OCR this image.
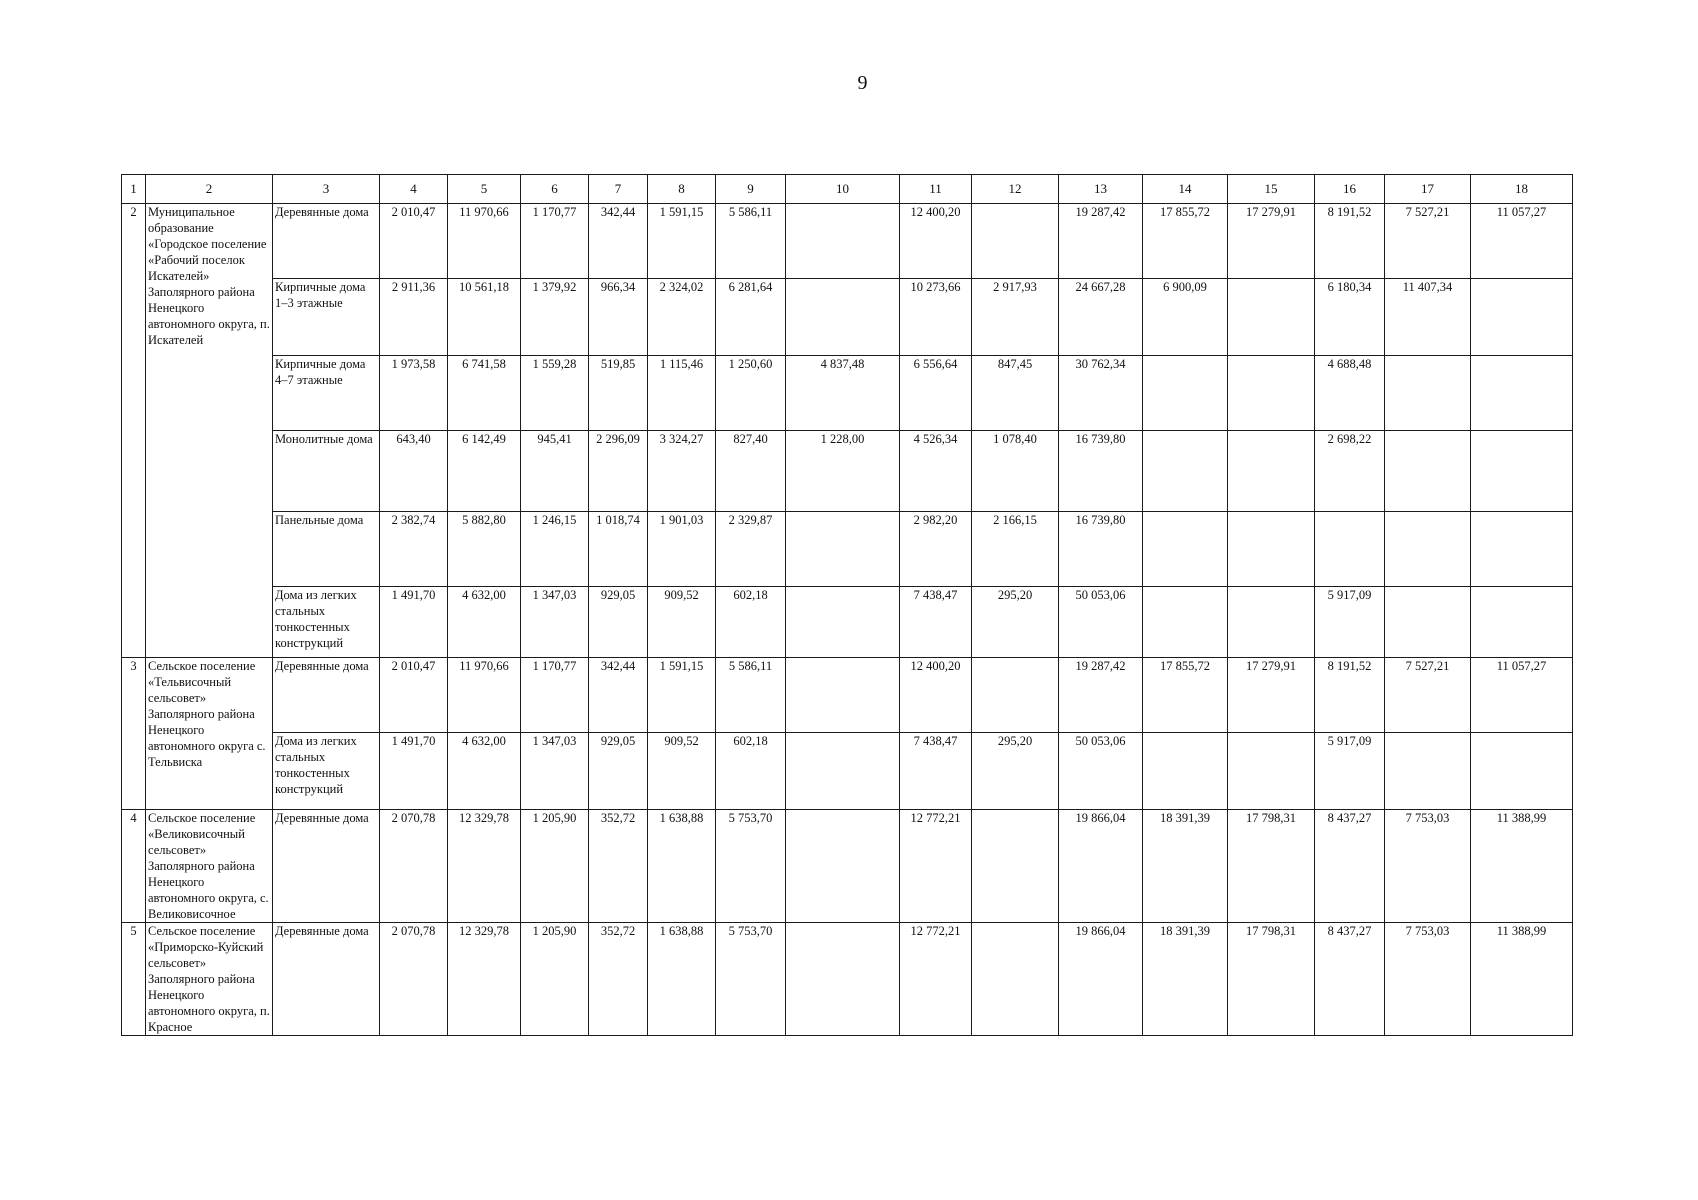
9
1	2	3	4	5	6	7	8	9	10	11	12	13	14	15	16	17	18
2	Муниципальное образование «Городское поселение «Рабочий поселок Искателей» Заполярного района Ненецкого автономного округа, п. Искателей	Деревянные дома	2 010,47	11 970,66	1 170,77	342,44	1 591,15	5 586,11		12 400,20		19 287,42	17 855,72	17 279,91	8 191,52	7 527,21	11 057,27
		Кирпичные дома 1–3 этажные	2 911,36	10 561,18	1 379,92	966,34	2 324,02	6 281,64		10 273,66	2 917,93	24 667,28	6 900,09		6 180,34	11 407,34	
		Кирпичные дома 4–7 этажные	1 973,58	6 741,58	1 559,28	519,85	1 115,46	1 250,60	4 837,48	6 556,64	847,45	30 762,34			4 688,48		
		Монолитные дома	643,40	6 142,49	945,41	2 296,09	3 324,27	827,40	1 228,00	4 526,34	1 078,40	16 739,80			2 698,22		
		Панельные дома	2 382,74	5 882,80	1 246,15	1 018,74	1 901,03	2 329,87		2 982,20	2 166,15	16 739,80					
		Дома из легких стальных тонкостенных конструкций	1 491,70	4 632,00	1 347,03	929,05	909,52	602,18		7 438,47	295,20	50 053,06			5 917,09		
3	Сельское поселение «Тельвисочный сельсовет» Заполярного района Ненецкого автономного округа с. Тельвиска	Деревянные дома	2 010,47	11 970,66	1 170,77	342,44	1 591,15	5 586,11		12 400,20		19 287,42	17 855,72	17 279,91	8 191,52	7 527,21	11 057,27
		Дома из легких стальных тонкостенных конструкций	1 491,70	4 632,00	1 347,03	929,05	909,52	602,18		7 438,47	295,20	50 053,06			5 917,09		
4	Сельское поселение «Великовисочный сельсовет» Заполярного района Ненецкого автономного округа, с. Великовисочное	Деревянные дома	2 070,78	12 329,78	1 205,90	352,72	1 638,88	5 753,70		12 772,21		19 866,04	18 391,39	17 798,31	8 437,27	7 753,03	11 388,99
5	Сельское поселение «Приморско-Куйский сельсовет» Заполярного района Ненецкого автономного округа, п. Красное	Деревянные дома	2 070,78	12 329,78	1 205,90	352,72	1 638,88	5 753,70		12 772,21		19 866,04	18 391,39	17 798,31	8 437,27	7 753,03	11 388,99
